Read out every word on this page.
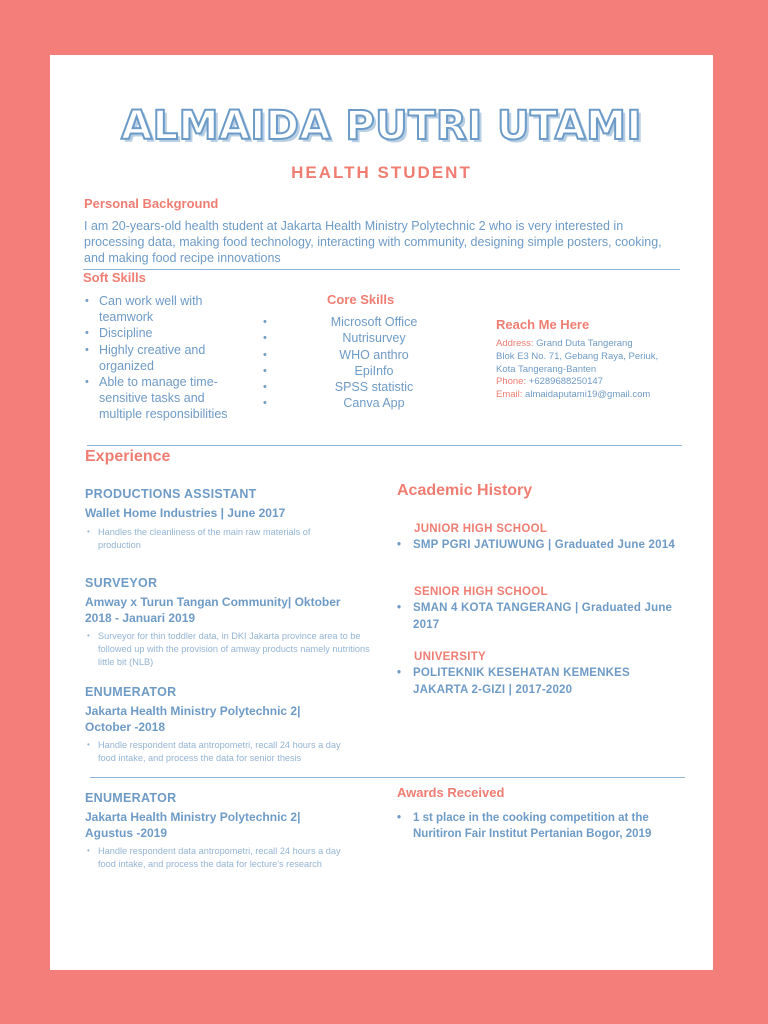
ALMAIDA PUTRI UTAMI
HEALTH STUDENT
Personal Background
I am 20-years-old health student at Jakarta Health Ministry Polytechnic 2 who is very interested in processing data, making food technology, interacting with community, designing simple posters, cooking, and making food recipe innovations
Soft Skills
• Can work well with teamwork
• Discipline
• Highly creative and organized
• Able to manage time-sensitive tasks and multiple responsibilities
Core Skills
• Microsoft Office
• Nutrisurvey
• WHO anthro
• EpiInfo
• SPSS statistic
• Canva App
Reach Me Here
Address: Grand Duta Tangerang
Blok E3 No. 71, Gebang Raya, Periuk,
Kota Tangerang-Banten
Phone: +6289688250147
Email: almaidaputami19@gmail.com
Experience
PRODUCTIONS ASSISTANT
Wallet Home Industries | June 2017
• Handles the cleanliness of the main raw materials of production
SURVEYOR
Amway x Turun Tangan Community| Oktober 2018 - Januari 2019
• Surveyor for thin toddler data, in DKI Jakarta province area to be followed up with the provision of amway products namely nutritions little bit (NLB)
ENUMERATOR
Jakarta Health Ministry Polytechnic 2| October -2018
• Handle respondent data antropometri, recall 24 hours a day food intake, and process the data for senior thesis
ENUMERATOR
Jakarta Health Ministry Polytechnic 2| Agustus -2019
• Handle respondent data antropometri, recall 24 hours a day food intake, and process the data for lecture's research
Academic History
JUNIOR HIGH SCHOOL
• SMP PGRI JATIUWUNG | Graduated June 2014
SENIOR HIGH SCHOOL
• SMAN 4 KOTA TANGERANG | Graduated June 2017
UNIVERSITY
• POLITEKNIK KESEHATAN KEMENKES JAKARTA 2-GIZI | 2017-2020
Awards Received
• 1 st place in the cooking competition at the Nuritiron Fair Institut Pertanian Bogor, 2019
